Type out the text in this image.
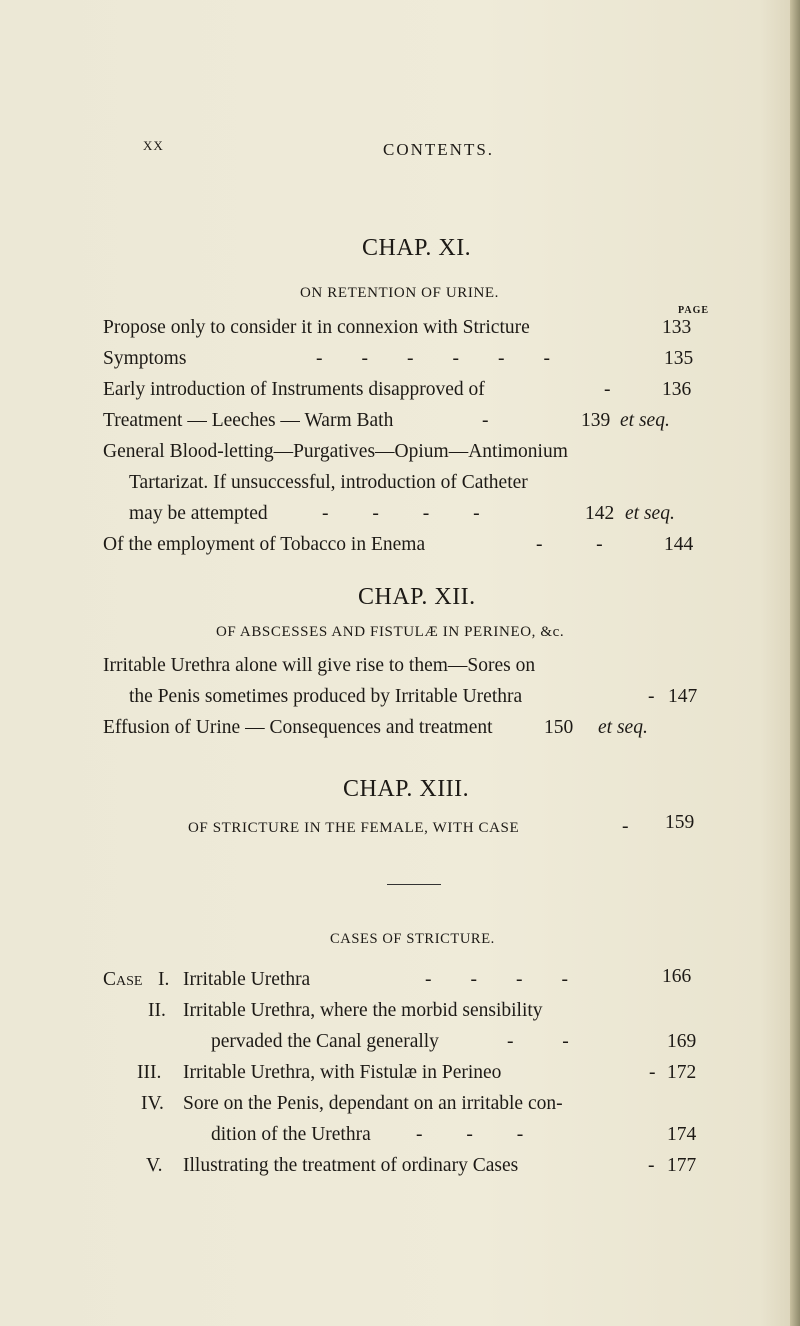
XX	CONTENTS.
CHAP. XI.
ON RETENTION OF URINE.
PAGE
Propose only to consider it in connexion with Stricture	133
Symptoms	-        -        -        -        -        -	135
Early introduction of Instruments disapproved of	-	136
Treatment — Leeches — Warm Bath	-	139 et seq.
General Blood-letting—Purgatives—Opium—Antimonium
Tartarizat. If unsuccessful, introduction of Catheter
may be attempted	-         -         -         -	142 et seq.
Of the employment of Tobacco in Enema	-           -	144
CHAP. XII.
OF ABSCESSES AND FISTULÆ IN PERINEO, &c.
Irritable Urethra alone will give rise to them—Sores on
the Penis sometimes produced by Irritable Urethra	- 147
Effusion of Urine — Consequences and treatment	150 et seq.
CHAP. XIII.
OF STRICTURE IN THE FEMALE, WITH CASE	- 159
CASES OF STRICTURE.
Case I. Irritable Urethra	-        -        -        -	166
II. Irritable Urethra, where the morbid sensibility
pervaded the Canal generally	-          -	169
III. Irritable Urethra, with Fistulæ in Perineo	- 172
IV. Sore on the Penis, dependant on an irritable con-
dition of the Urethra -         -         -	174
V. Illustrating the treatment of ordinary Cases	- 177
